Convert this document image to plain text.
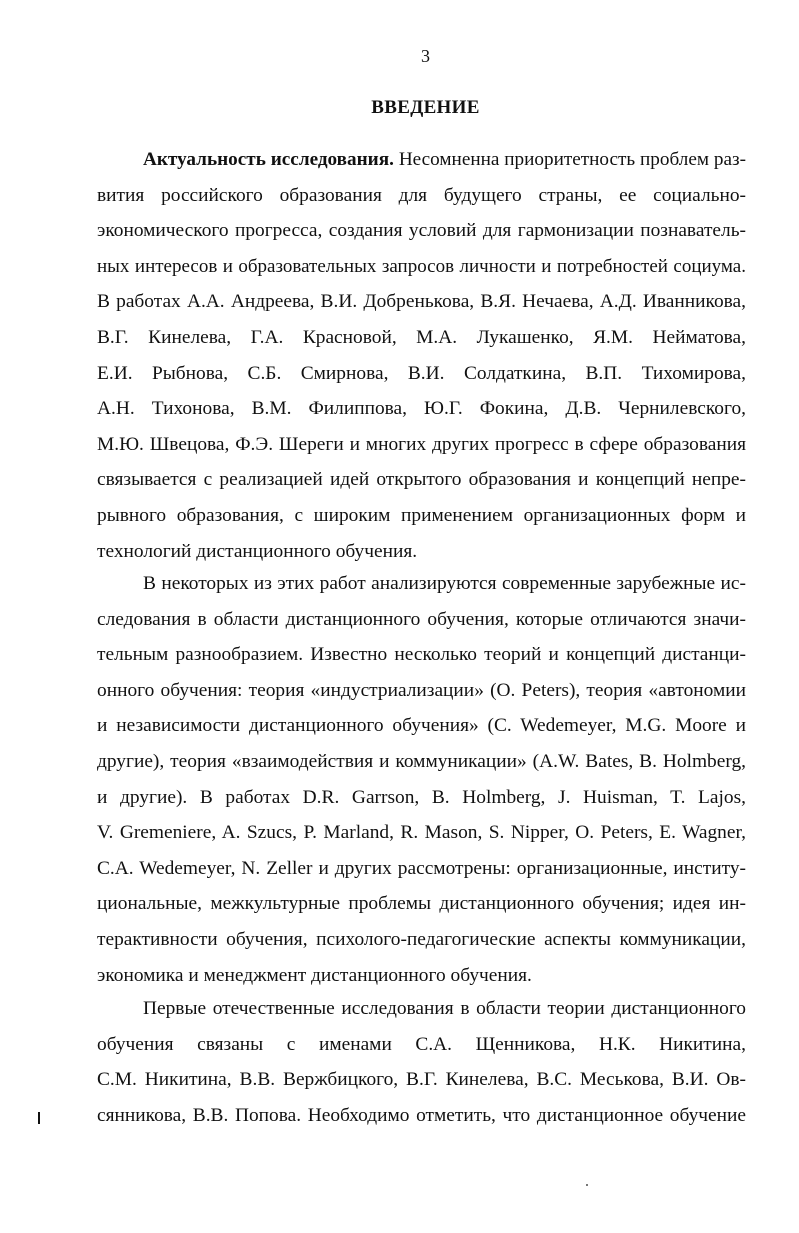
3
ВВЕДЕНИЕ
Актуальность исследования. Несомненна приоритетность проблем раз-
вития российского образования для будущего страны, ее социально-
экономического прогресса, создания условий для гармонизации познаватель-
ных интересов и образовательных запросов личности и потребностей социума.
В работах А.А. Андреева, В.И. Добренькова, В.Я. Нечаева, А.Д. Иванникова,
В.Г. Кинелева, Г.А. Красновой, М.А. Лукашенко, Я.М. Нейматова,
Е.И. Рыбнова, С.Б. Смирнова, В.И. Солдаткина, В.П. Тихомирова,
А.Н. Тихонова, В.М. Филиппова, Ю.Г. Фокина, Д.В. Чернилевского,
М.Ю. Швецова, Ф.Э. Шереги и многих других прогресс в сфере образования
связывается с реализацией идей открытого образования и концепций непре-
рывного образования, с широким применением организационных форм и
технологий дистанционного обучения.
В некоторых из этих работ анализируются современные зарубежные ис-
следования в области дистанционного обучения, которые отличаются значи-
тельным разнообразием. Известно несколько теорий и концепций дистанци-
онного обучения: теория «индустриализации» (O. Peters), теория «автономии
и независимости дистанционного обучения» (C. Wedemeyer, M.G. Moore и
другие), теория «взаимодействия и коммуникации» (A.W. Bates, B. Holmberg,
и другие). В работах D.R. Garrson, B. Holmberg, J. Huisman, T. Lajos,
V. Gremeniere, A. Szucs, P. Marland, R. Mason, S. Nipper, O. Peters, E. Wagner,
C.A. Wedemeyer, N. Zeller и других рассмотрены: организационные, институ-
циональные, межкультурные проблемы дистанционного обучения; идея ин-
терактивности обучения, психолого-педагогические аспекты коммуникации,
экономика и менеджмент дистанционного обучения.
Первые отечественные исследования в области теории дистанционного
обучения связаны с именами С.А. Щенникова, Н.К. Никитина,
С.М. Никитина, В.В. Вержбицкого, В.Г. Кинелева, В.С. Меськова, В.И. Ов-
сянникова, В.В. Попова. Необходимо отметить, что дистанционное обучение
